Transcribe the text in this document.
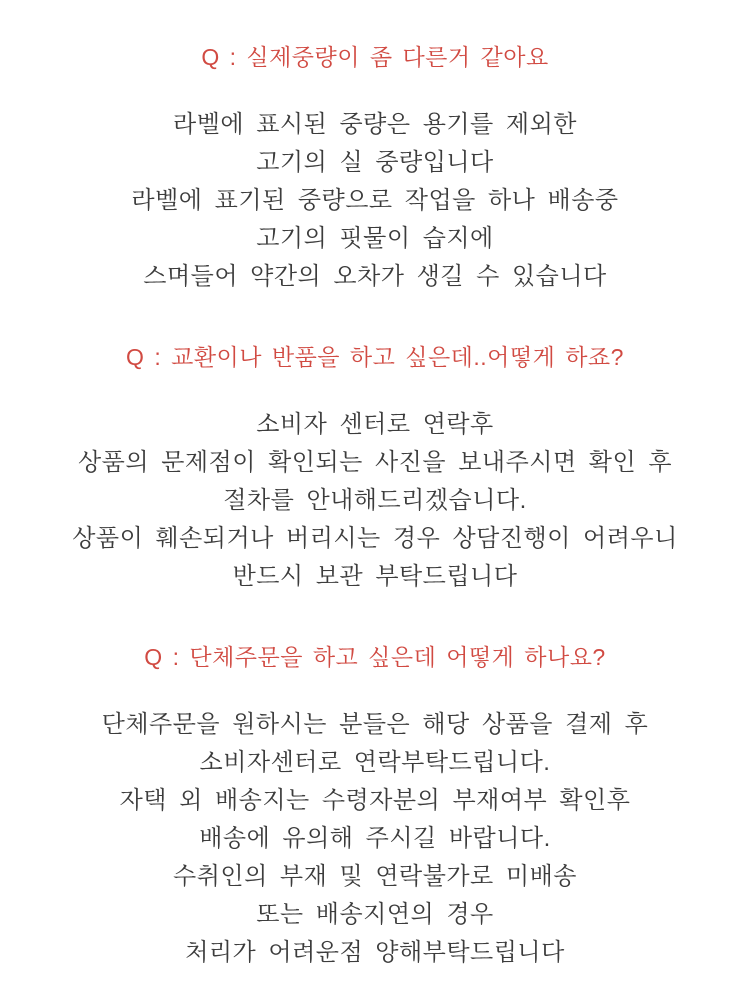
Q : 실제중량이 좀 다른거 같아요

라벨에 표시된 중량은 용기를 제외한

고기의 실 중량입니다

라벨에 표기된 중량으로 작업을 하나 배송중

고기의 핏물이 습지에

스며들어 약간의 오차가 생길 수 있습니다

Q : 교환이나 반품을 하고 싶은데..어떻게 하죠?

소비자 센터로 연락후

상품의 문제점이 확인되는 사진을 보내주시면 확인 후

절차를 안내해드리겠습니다.

상품이 훼손되거나 버리시는 경우 상담진행이 어려우니

반드시 보관 부탁드립니다

Q : 단체주문을 하고 싶은데 어떻게 하나요?

단체주문을 원하시는 분들은 해당 상품을 결제 후

소비자센터로 연락부탁드립니다.

자택 외 배송지는 수령자분의 부재여부 확인후

배송에 유의해 주시길 바랍니다.

수취인의 부재 및 연락불가로 미배송

또는 배송지연의 경우

처리가 어려운점 양해부탁드립니다
